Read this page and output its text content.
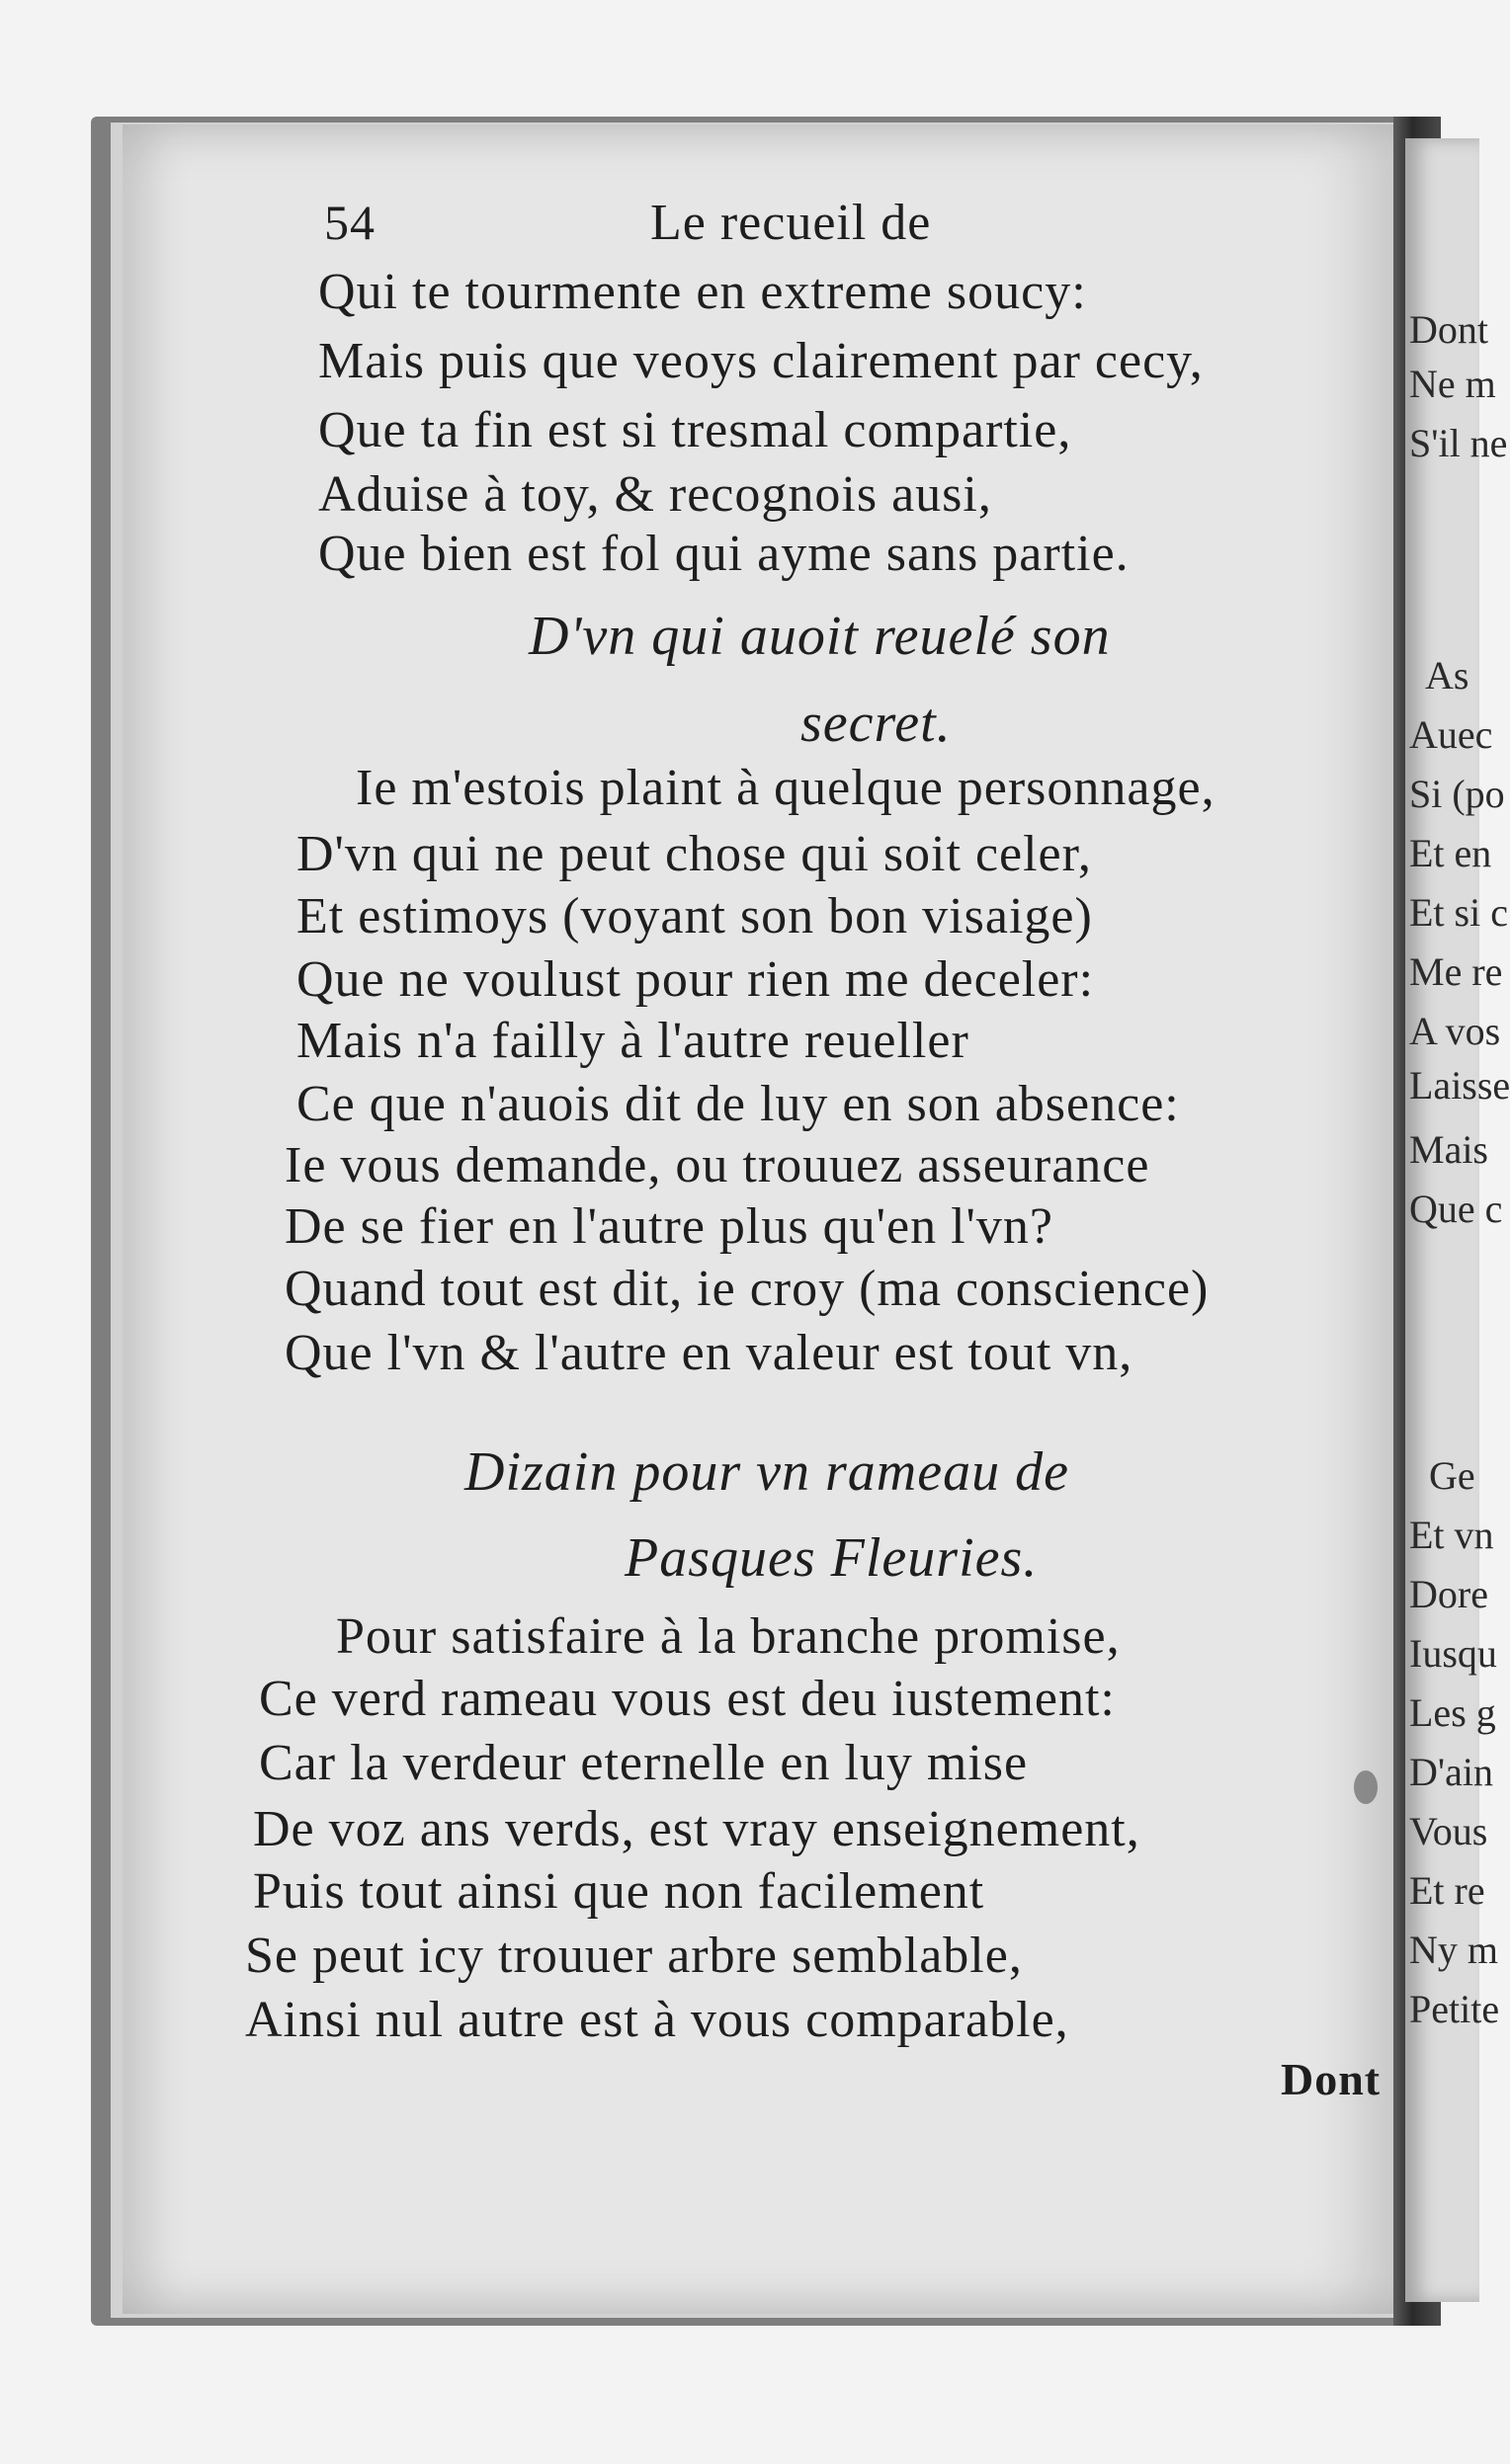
Dont
Ne m
S'il ne
As
Auec
Si (po
Et en
Et si c
Me re
A vos
Laisse
Mais
Que c
Ge
Et vn
Dore
Iusqu
Les g
D'ain
Vous
Et re
Ny m
Petite
54	Le recueil de
Qui te tourmente en extreme soucy:
Mais puis que veoys clairement par cecy,
Que ta fin est si tresmal compartie,
Aduise à toy, & recognois ausi,
Que bien est fol qui ayme sans partie.
D'vn qui auoit reuelé son
secret.
Ie m'estois plaint à quelque personnage,
D'vn qui ne peut chose qui soit celer,
Et estimoys (voyant son bon visaige)
Que ne voulust pour rien me deceler:
Mais n'a failly à l'autre reueller
Ce que n'auois dit de luy en son absence:
Ie vous demande, ou trouuez asseurance
De se fier en l'autre plus qu'en l'vn?
Quand tout est dit, ie croy (ma conscience)
Que l'vn & l'autre en valeur est tout vn,
Dizain pour vn rameau de
Pasques Fleuries.
Pour satisfaire à la branche promise,
Ce verd rameau vous est deu iustement:
Car la verdeur eternelle en luy mise
De voz ans verds, est vray enseignement,
Puis tout ainsi que non facilement
Se peut icy trouuer arbre semblable,
Ainsi nul autre est à vous comparable,
Dont
